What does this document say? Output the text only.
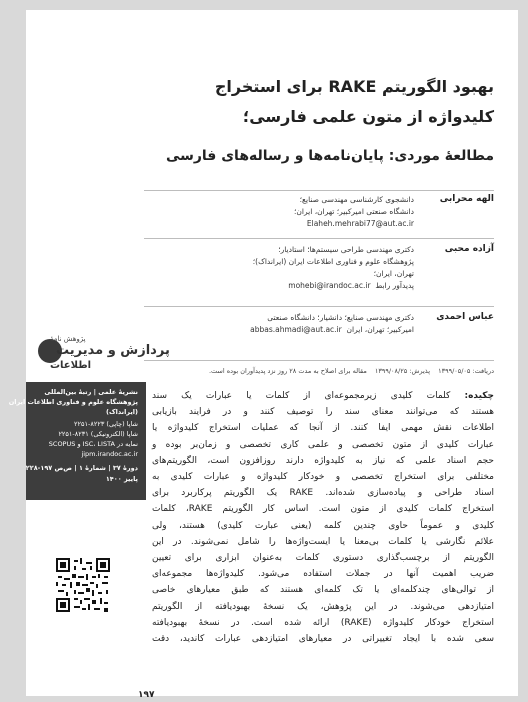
بهبود الگوریتم RAKE برای استخراج
کلیدواژه از متون علمی فارسی؛
مطالعهٔ موردی: پایان‌نامه‌ها و رساله‌های فارسی
الهه محرابی
دانشجوی کارشناسی مهندسی صنایع؛
دانشگاه صنعتی امیرکبیر؛ تهران، ایران؛
Elaheh.mehrabi77@aut.ac.ir
آزاده محبی
دکتری مهندسی طراحی سیستم‌ها؛ استادیار؛
پژوهشگاه علوم و فناوری اطلاعات ایران (ایرانداک)؛
تهران، ایران؛
پدیدآور رابط  mohebi@irandoc.ac.ir
عباس احمدی
دکتری مهندسی صنایع؛ دانشیار؛ دانشگاه صنعتی
امیرکبیر؛ تهران، ایران  abbas.ahmadi@aut.ac.ir
دریافت: ۱۳۹۹/۰۵/۰۵ پذیرش: ۱۳۹۹/۰۸/۲۵ مقاله برای اصلاح به مدت ۲۸ روز نزد پدیدآوران بوده است.
پژوهش نامهٔ
پردازش و مدیریت
اطلاعات
نشریهٔ علمی | رتبهٔ بین‌المللی
پژوهشگاه علوم و فناوری اطلاعات ایران
(ایرانداک)
شاپا (چاپی) ۸۲۲۳-۲۲۵۱
شاپا (الکترونیکی) ۸۲۳۱-۲۲۵۱
نمایه در ISC، LISTA و SCOPUS
jipm.irandoc.ac.ir
دورهٔ ۳۷ | شمارهٔ ۱ | ص‌ص ۱۹۷-۲۲۸
پاییز ۱۴۰۰
چکیده: کلمات کلیدی زیرمجموعه‌ای از کلمات یا عبارات یک سند
هستند که می‌توانند معنای سند را توصیف کنند و در فرایند بازیابی
اطلاعات نقش مهمی ایفا کنند. از آنجا که عملیات استخراج کلیدواژه یا
عبارات کلیدی از متون تخصصی و علمی کاری تخصصی و زمان‌بر بوده و
حجم اسناد علمی که نیاز به کلیدواژه دارند روزافزون است، الگوریتم‌های
مختلفی برای استخراج تخصصی و خودکار کلیدواژه و عبارات کلیدی به
اسناد طراحی و پیاده‌سازی شده‌اند. RAKE یک الگوریتم پرکاربرد برای
استخراج کلمات کلیدی از متون است. اساس کار الگوریتم RAKE، کلمات
کلیدی و عموماً حاوی چندین کلمه (یعنی عبارت کلیدی) هستند، ولی
علائم نگارشی یا کلمات بی‌معنا یا ایست‌واژه‌ها را شامل نمی‌شوند. در این
الگوریتم از برچسب‌گذاری دستوری کلمات به‌عنوان ابزاری برای تعیین
ضریب اهمیت آنها در جملات استفاده می‌شود. کلیدواژه‌ها مجموعه‌ای
از توالی‌های چندکلمه‌ای یا تک کلمه‌ای هستند که طبق معیارهای خاصی
امتیازدهی می‌شوند. در این پژوهش، یک نسخهٔ بهبودیافته از الگوریتم
استخراج خودکار کلیدواژه (RAKE) ارائه شده است. در نسخهٔ بهبودیافته
سعی شده با ایجاد تغییراتی در معیارهای امتیازدهی عبارات کاندید، دقت
۱۹۷
